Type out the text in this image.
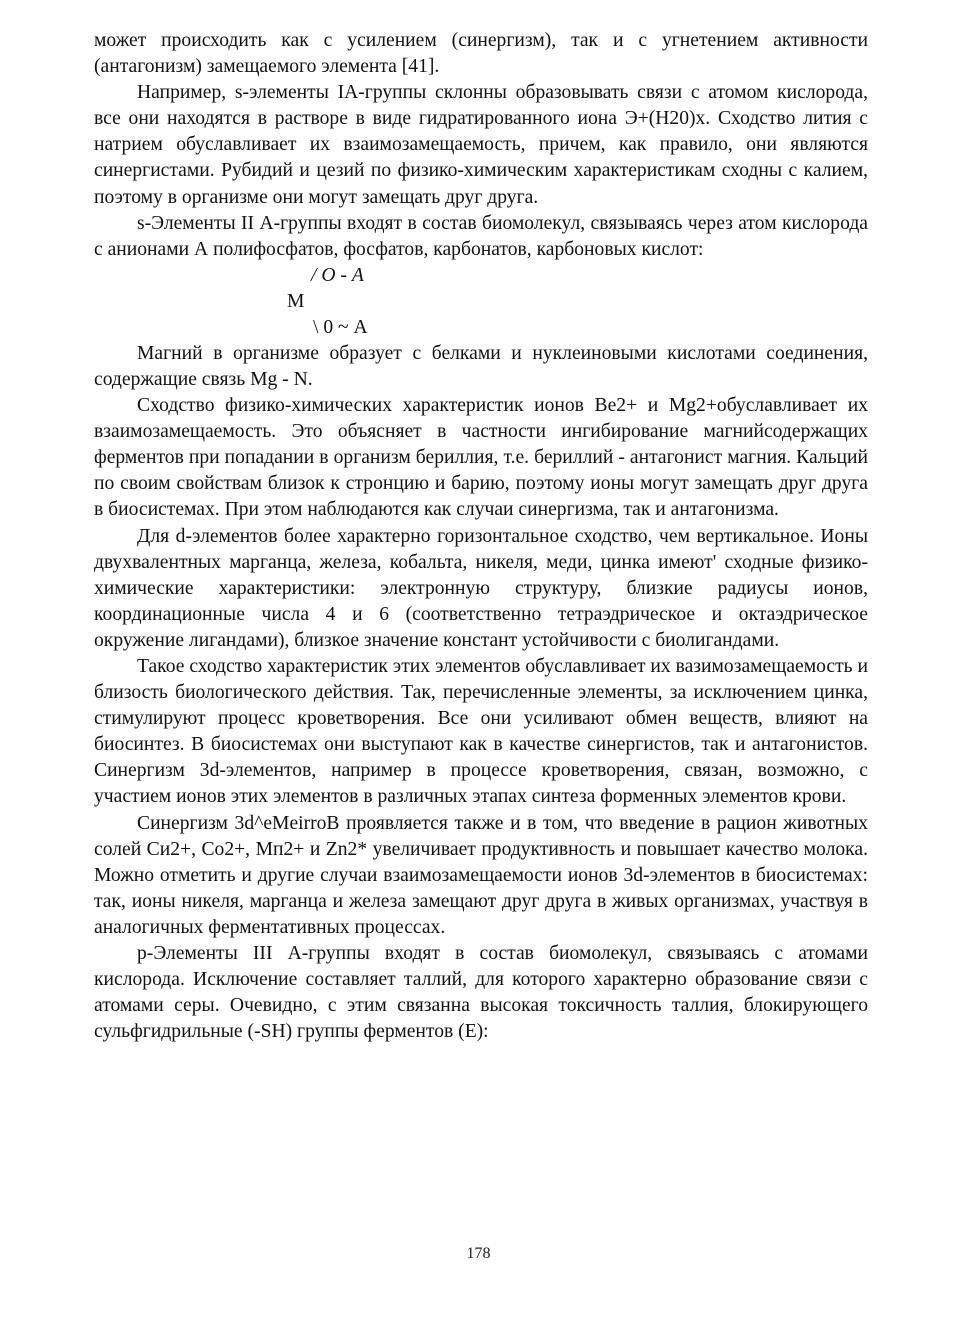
может происходить как с усилением (синергизм), так и с угнетением активности (антагонизм) замещаемого элемента [41].

Например, s-элементы IA-группы склонны образовывать связи с атомом кислорода, все они находятся в растворе в виде гидратированного иона Э+(Н20)х. Сходство лития с натрием обуславливает их взаимозамещаемость, причем, как правило, они являются синергистами. Рубидий и цезий по физико-химическим характеристикам сходны с калием, поэтому в организме они могут замещать друг друга.

s-Элементы II А-группы входят в состав биомолекул, связываясь через атом кислорода с анионами А полифосфатов, фосфатов, карбонатов, карбоновых кислот:

/ О - А
М
\ 0 ~ А

Магний в организме образует с белками и нуклеиновыми кислотами соединения, содержащие связь Mg - N.

Сходство физико-химических характеристик ионов Ве2+ и Mg2+обуславливает их взаимозамещаемость. Это объясняет в частности ингибирование магнийсодержащих ферментов при попадании в организм бериллия, т.е. бериллий - антагонист магния. Кальций по своим свойствам близок к стронцию и барию, поэтому ионы могут замещать друг друга в биосистемах. При этом наблюдаются как случаи синергизма, так и антагонизма.

Для d-элементов более характерно горизонтальное сходство, чем вертикальное. Ионы двухвалентных марганца, железа, кобальта, никеля, меди, цинка имеют' сходные физико-химические характеристики: электронную структуру, близкие радиусы ионов, координационные числа 4 и 6 (соответственно тетраэдрическое и октаэдрическое окружение лигандами), близкое значение констант устойчивости с биолигандами.

Такое сходство характеристик этих элементов обуславливает их вазимозамещаемость и близость биологического действия. Так, перечисленные элементы, за исключением цинка, стимулируют процесс кроветворения. Все они усиливают обмен веществ, влияют на биосинтез. В биосистемах они выступают как в качестве синергистов, так и антагонистов. Синергизм 3d-элементов, например в процессе кроветворения, связан, возможно, с участием ионов этих элементов в различных этапах синтеза форменных элементов крови.

Синергизм 3d^eMeirroB проявляется также и в том, что введение в рацион животных солей Си2+, Со2+, Мп2+ и Zn2* увеличивает продуктивность и повышает качество молока. Можно отметить и другие случаи взаимозамещаемости ионов 3d-элементов в биосистемах: так, ионы никеля, марганца и железа замещают друг друга в живых организмах, участвуя в аналогичных ферментативных процессах.

р-Элементы III А-группы входят в состав биомолекул, связываясь с атомами кислорода. Исключение составляет таллий, для которого характерно образование связи с атомами серы. Очевидно, с этим связанна высокая токсичность таллия, блокирующего сульфгидрильные (-SH) группы ферментов (Е):

178
